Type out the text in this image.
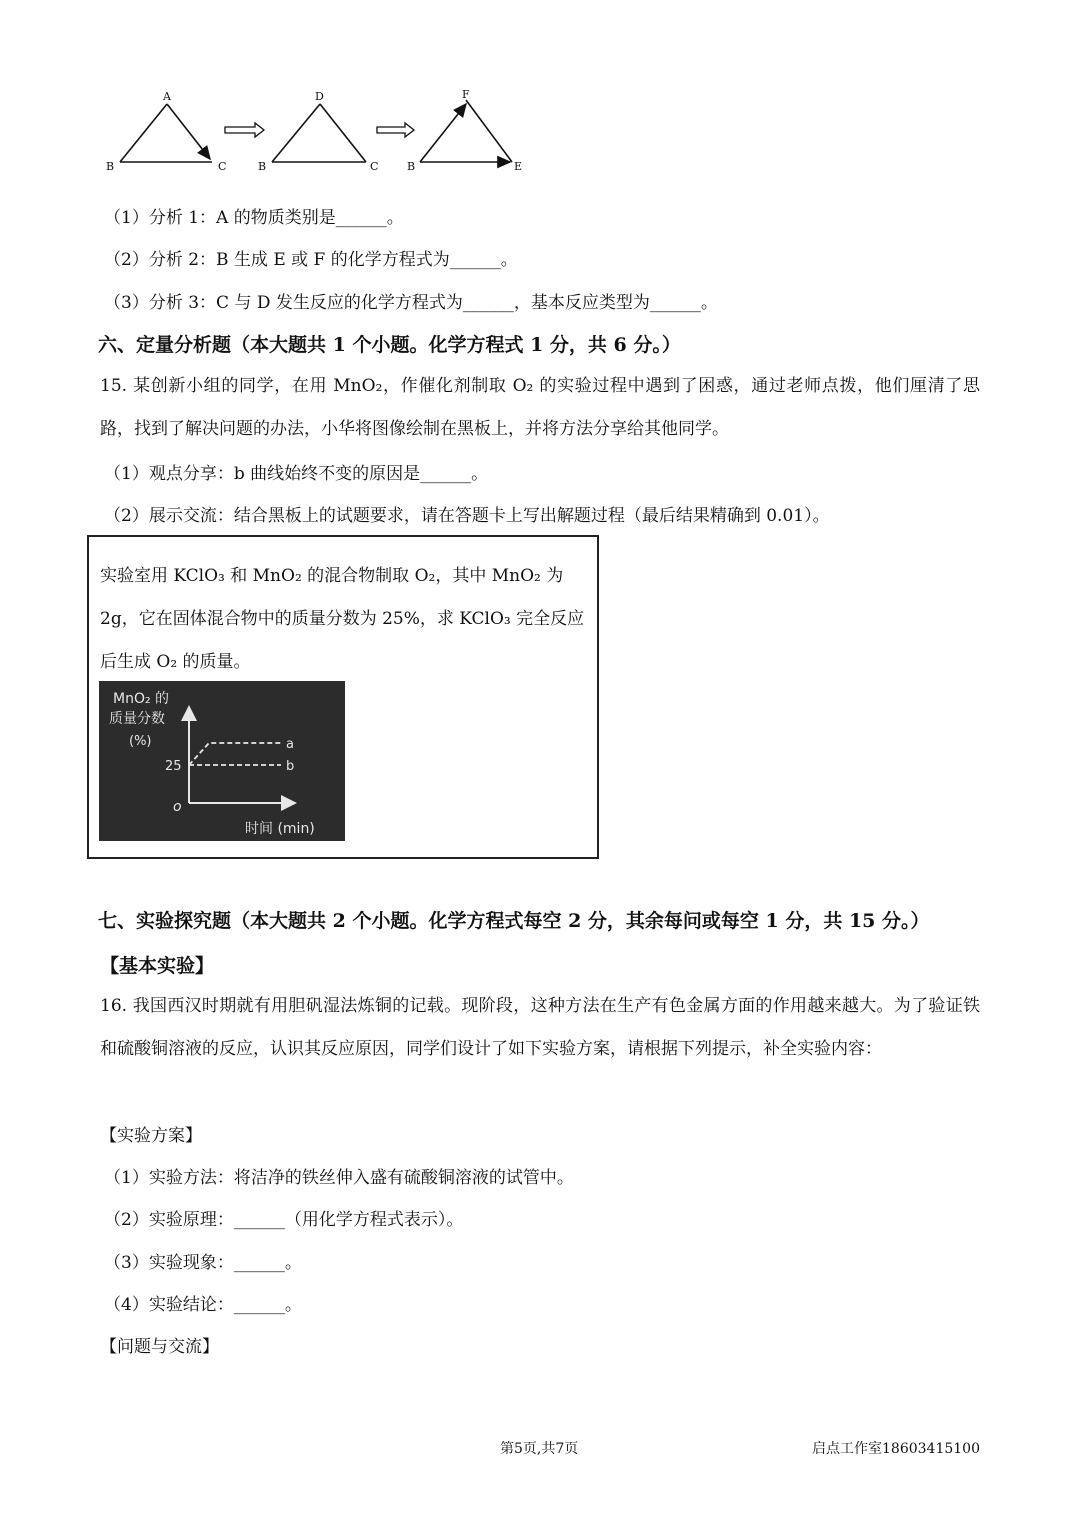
A
B	C
D
B	C
F
B	E
（1）分析 1：A 的物质类别是______。
（2）分析 2：B 生成 E 或 F 的化学方程式为______。
（3）分析 3：C 与 D 发生反应的化学方程式为______，基本反应类型为______。
六、定量分析题（本大题共 1 个小题。化学方程式 1 分，共 6 分。）
15. 某创新小组的同学，在用 MnO₂，作催化剂制取 O₂ 的实验过程中遇到了困惑，通过老师点拨，他们厘清了思路，找到了解决问题的办法，小华将图像绘制在黑板上，并将方法分享给其他同学。
（1）观点分享：b 曲线始终不变的原因是______。
（2）展示交流：结合黑板上的试题要求，请在答题卡上写出解题过程（最后结果精确到 0.01）。
实验室用 KClO₃ 和 MnO₂ 的混合物制取 O₂，其中 MnO₂ 为 2g，它在固体混合物中的质量分数为 25%，求 KClO₃ 完全反应后生成 O₂ 的质量。
MnO₂ 的
质量分数
(%)	a
b
25
o
时间 (min)
七、实验探究题（本大题共 2 个小题。化学方程式每空 2 分，其余每问或每空 1 分，共 15 分。）
【基本实验】
16. 我国西汉时期就有用胆矾湿法炼铜的记载。现阶段，这种方法在生产有色金属方面的作用越来越大。为了验证铁和硫酸铜溶液的反应，认识其反应原因，同学们设计了如下实验方案，请根据下列提示，补全实验内容：
【实验方案】
（1）实验方法：将洁净的铁丝伸入盛有硫酸铜溶液的试管中。
（2）实验原理：______（用化学方程式表示）。
（3）实验现象：______。
（4）实验结论：______。
【问题与交流】
第5页,共7页	启点工作室18603415100
